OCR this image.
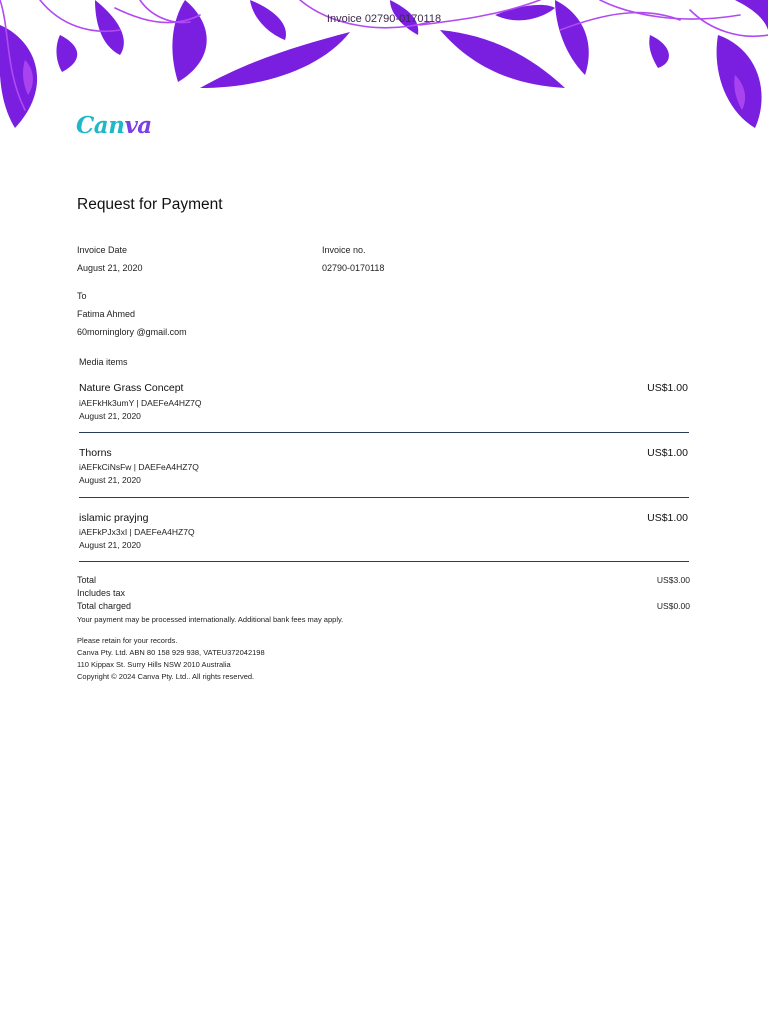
Invoice 02790-0170118
Canva
Request for Payment
Invoice Date
August 21, 2020
Invoice no.
02790-0170118
To
Fatima Ahmed
60morninglory @gmail.com
Media items
Nature Grass Concept	US$1.00
iAEFkHk3umY | DAEFeA4HZ7Q
August 21, 2020
Thorns	US$1.00
iAEFkCiNsFw | DAEFeA4HZ7Q
August 21, 2020
islamic prayjng	US$1.00
iAEFkPJx3xI | DAEFeA4HZ7Q
August 21, 2020
Total	US$3.00
Includes tax
Total charged	US$0.00
Your payment may be processed internationally. Additional bank fees may apply.
Please retain for your records.
Canva Pty. Ltd. ABN 80 158 929 938, VATEU372042198
110 Kippax St. Surry Hills NSW 2010 Australia
Copyright © 2024 Canva Pty. Ltd.. All rights reserved.
